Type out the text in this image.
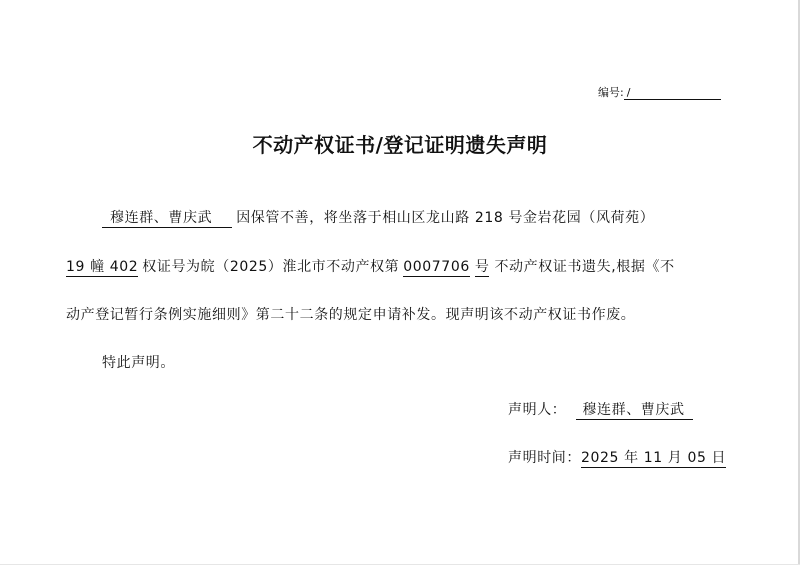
编号: /
不动产权证书/登记证明遗失声明
穆连群、曹庆武 因保管不善，将坐落于相山区龙山路 218 号金岩花园（风荷苑）
19 幢 402 权证号为皖（2025）淮北市不动产权第 0007706 号 不动产权证书遗失,根据《不
动产登记暂行条例实施细则》第二十二条的规定申请补发。现声明该不动产权证书作废。
特此声明。
声明人： 穆连群、曹庆武
声明时间：2025 年 11 月 05 日
